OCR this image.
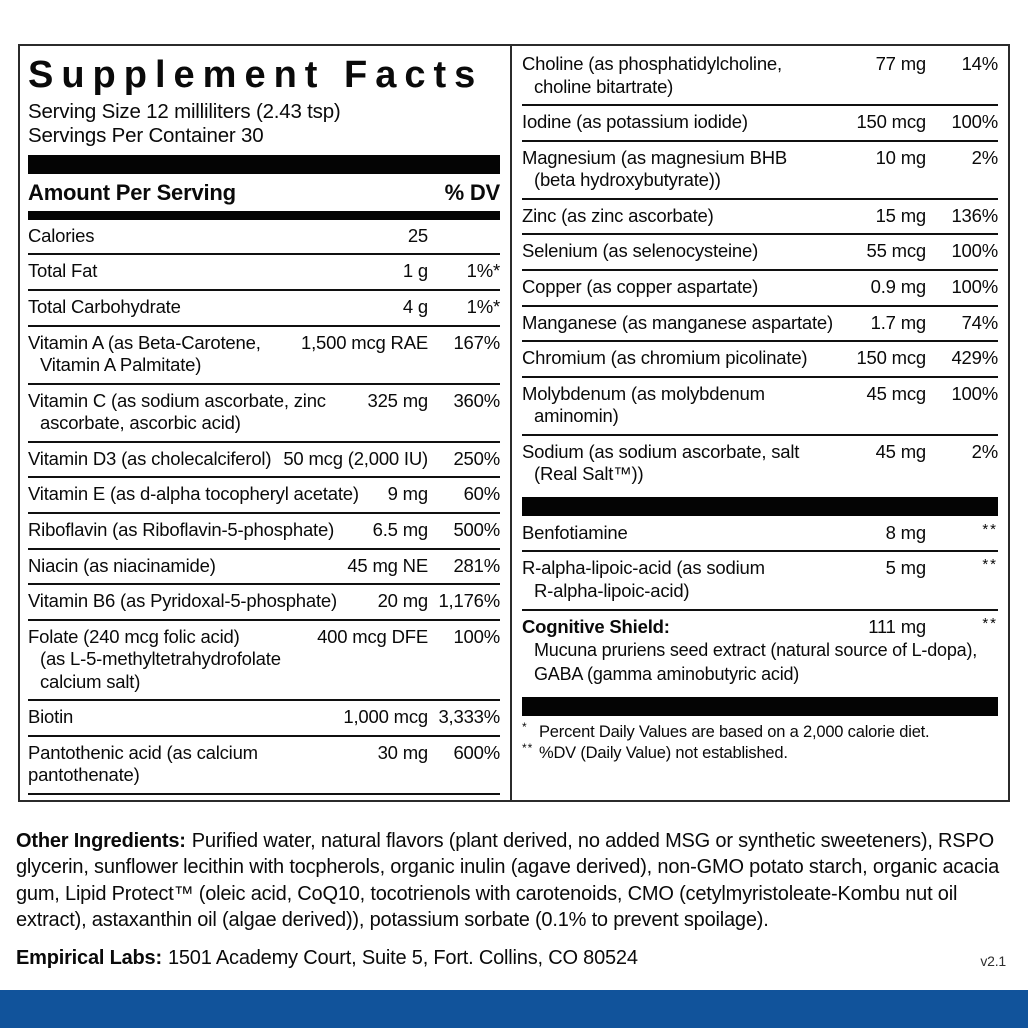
Supplement Facts
Serving Size 12 milliliters (2.43 tsp)
Servings Per Container 30
Amount Per Serving	% DV
Calories	25
Total Fat	1 g	1%*
Total Carbohydrate	4 g	1%*
Vitamin A (as Beta-Carotene,
Vitamin A Palmitate)
1,500 mcg RAE	167%
Vitamin C (as sodium ascorbate, zinc
ascorbate, ascorbic acid)
325 mg	360%
Vitamin D3 (as cholecalciferol) 50 mcg (2,000 IU)	250%
Vitamin E (as d-alpha tocopheryl acetate)	9 mg	60%
Riboflavin (as Riboflavin-5-phosphate)	6.5 mg	500%
Niacin (as niacinamide)	45 mg NE	281%
Vitamin B6 (as Pyridoxal-5-phosphate)	20 mg 1,176%
Folate (240 mcg folic acid)
(as L-5-methyltetrahydrofolate calcium salt)
400 mcg DFE	100%
Biotin	1,000 mcg 3,333%
Pantothenic acid (as calcium pantothenate)
30 mg	600%
Choline (as phosphatidylcholine,
choline bitartrate)
77 mg	14%
Iodine (as potassium iodide)	150 mcg	100%
Magnesium (as magnesium BHB
(beta hydroxybutyrate))
10 mg	2%
Zinc (as zinc ascorbate)	15 mg	136%
Selenium (as selenocysteine)	55 mcg	100%
Copper (as copper aspartate)	0.9 mg	100%
Manganese (as manganese aspartate)	1.7 mg	74%
Chromium (as chromium picolinate)	150 mcg	429%
Molybdenum (as molybdenum
aminomin)
45 mcg	100%
Sodium (as sodium ascorbate, salt
(Real Salt™))
45 mg	2%
Benfotiamine	8 mg	**
R-alpha-lipoic-acid (as sodium
R-alpha-lipoic-acid)
5 mg	**
Cognitive Shield:	111 mg	**
Mucuna pruriens seed extract (natural source of L-dopa),
GABA (gamma aminobutyric acid)
* Percent Daily Values are based on a 2,000 calorie diet.
** %DV (Daily Value) not established.
Other Ingredients: Purified water, natural flavors (plant derived, no added MSG or synthetic sweeteners), RSPO glycerin, sunflower lecithin with tocpherols, organic inulin (agave derived), non-GMO potato starch, organic acacia gum, Lipid Protect™ (oleic acid, CoQ10, tocotrienols with carotenoids, CMO (cetylmyristoleate-Kombu nut oil extract), astaxanthin oil (algae derived)), potassium sorbate (0.1% to prevent spoilage).
Empirical Labs: 1501 Academy Court, Suite 5, Fort. Collins, CO 80524	v2.1
